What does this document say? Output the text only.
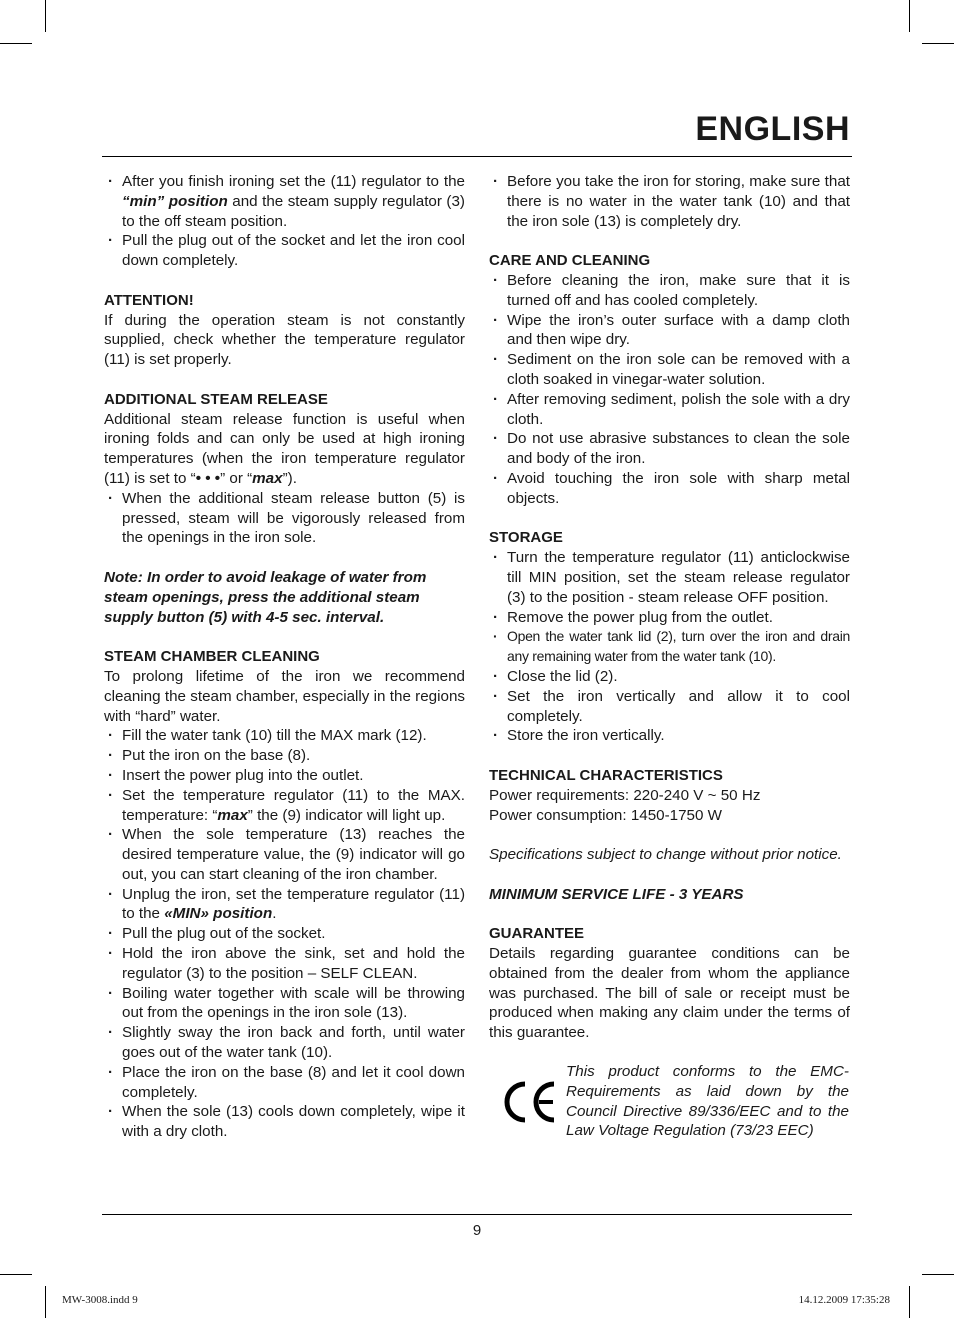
ENGLISH
· After you finish ironing set the (11) regulator to the “min” position and the steam supply regulator (3) to the off steam position.
· Pull the plug out of the socket and let the iron cool down completely.
ATTENTION!

If during the operation steam is not constantly supplied, check whether the temperature regulator (11) is set properly.

ADDITIONAL STEAM RELEASE

Additional steam release function is useful when ironing folds and can only be used at high ironing temperatures (when the iron temperature regulator (11) is set to “• • •” or “max”).

· When the additional steam release button (5) is pressed, steam will be vigorously released from the openings in the iron sole.

Note: In order to avoid leakage of water from steam openings, press the additional steam supply button (5) with 4-5 sec. interval.

STEAM CHAMBER CLEANING

To prolong lifetime of the iron we recommend cleaning the steam chamber, especially in the regions with “hard” water.

· Fill the water tank (10) till the MAX mark (12).
· Put the iron on the base (8).
· Insert the power plug into the outlet.
· Set the temperature regulator (11) to the MAX. temperature: “max” the (9) indicator will light up.
· When the sole temperature (13) reaches the desired temperature value, the (9) indicator will go out, you can start cleaning of the iron chamber.
· Unplug the iron, set the temperature regulator (11) to the «MIN» position.
· Pull the plug out of the socket.
· Hold the iron above the sink, set and hold the regulator (3) to the position – SELF CLEAN.
· Boiling water together with scale will be throwing out from the openings in the iron sole (13).
· Slightly sway the iron back and forth, until water goes out of the water tank (10).
· Place the iron on the base (8) and let it cool down completely.
· When the sole (13) cools down completely, wipe it with a dry cloth.
· Before you take the iron for storing, make sure that there is no water in the water tank (10) and that the iron sole (13) is completely dry.
CARE AND CLEANING
· Before cleaning the iron, make sure that it is turned off and has cooled completely.
· Wipe the iron’s outer surface with a damp cloth and then wipe dry.
· Sediment on the iron sole can be removed with a cloth soaked in vinegar-water solution.
· After removing sediment, polish the sole with a dry cloth.
· Do not use abrasive substances to clean the sole and body of the iron.
· Avoid touching the iron sole with sharp metal objects.
STORAGE
· Turn the temperature regulator (11) anticlockwise till MIN position, set the steam release regulator (3) to the position - steam release OFF position.
· Remove the power plug from the outlet.
· Open the water tank lid (2), turn over the iron and drain any remaining water from the water tank (10).
· Close the lid (2).
· Set the iron vertically and allow it to cool completely.
· Store the iron vertically.
TECHNICAL CHARACTERISTICS

Power requirements: 220-240 V ~ 50 Hz

Power consumption: 1450-1750 W

Specifications subject to change without prior notice.

MINIMUM SERVICE LIFE - 3 YEARS

GUARANTEE

Details regarding guarantee conditions can be obtained from the dealer from whom the appliance was purchased. The bill of sale or receipt must be produced when making any claim under the terms of this guarantee.

This product conforms to the EMC-Requirements as laid down by the Council Directive 89/336/EEC and to the Law Voltage Regulation (73/23 EEC)

9
MW-3008.indd 9	14.12.2009 17:35:28
